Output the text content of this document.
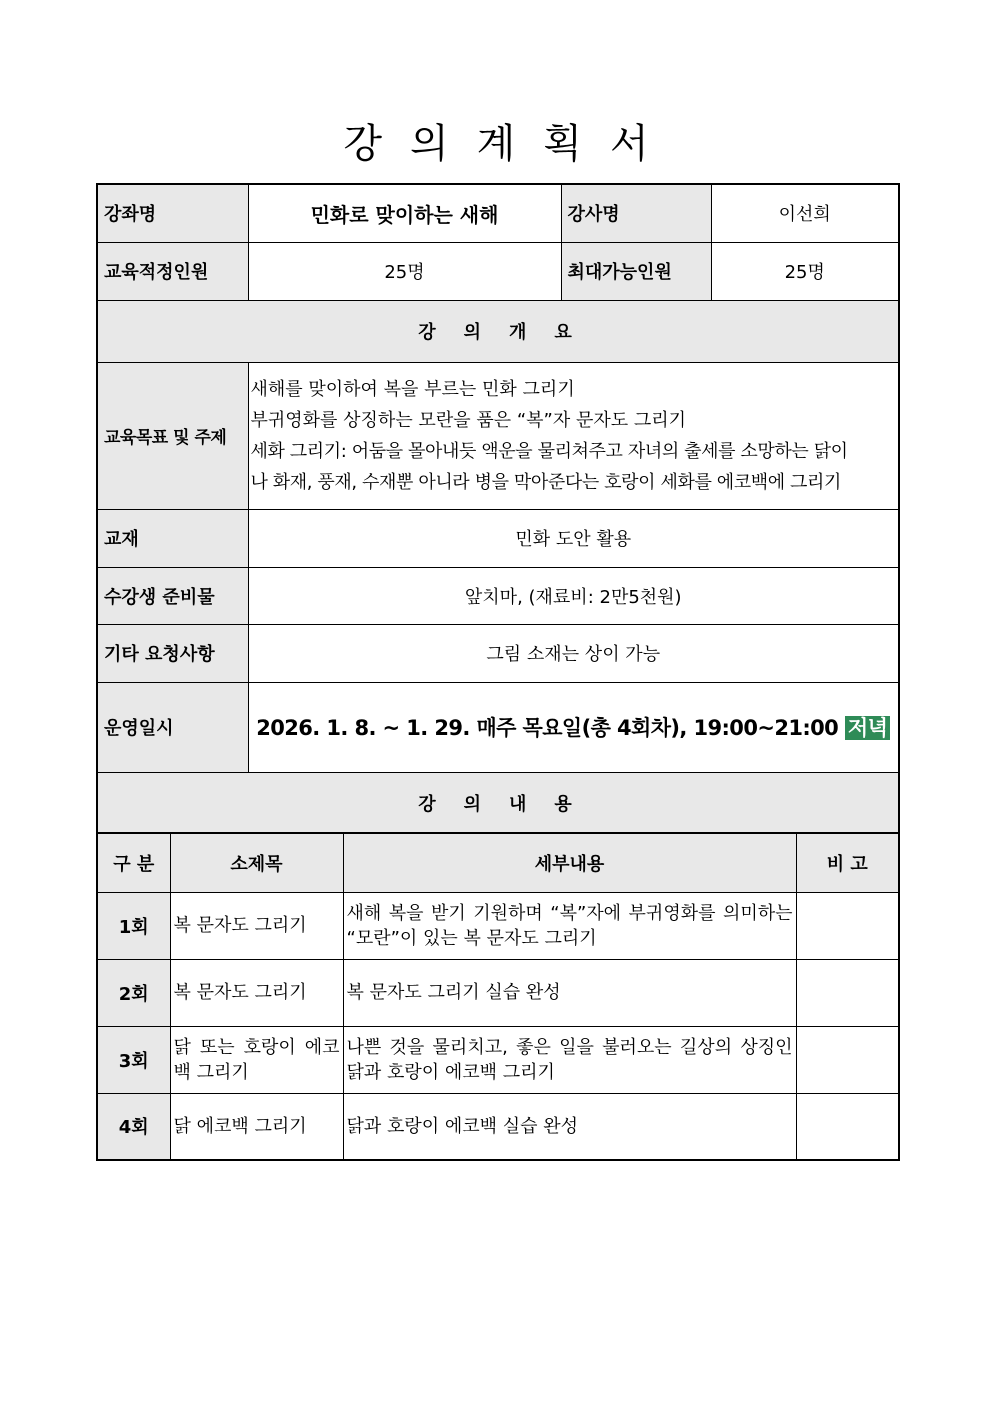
강의계획서
강좌명	민화로 맞이하는 새해	강사명	이선희

교육적정인원	25명	최대가능인원	25명
강의개요			
교육목표 및 주제	새해를 맞이하여 복을 부르는 민화 그리기
부귀영화를 상징하는 모란을 품은 “복”자 문자도 그리기
세화 그리기: 어둠을 몰아내듯 액운을 물리쳐주고 자녀의 출세를 소망하는 닭이
나 화재, 풍재, 수재뿐 아니라 병을 막아준다는 호랑이 세화를 에코백에 그리기		

교재	민화 도안 활용		
수강생 준비물	앞치마, (재료비: 2만5천원)		
기타 요청사항	그림 소재는 상이 가능		

운영일시	2026. 1. 8. ~ 1. 29. 매주 목요일(총 4회차), 19:00~21:00 저녁		
강의내용			
구 분	소제목	세부내용	비 고
1회	복 문자도 그리기	새해 복을 받기 기원하며 “복”자에 부귀영화를 의미하는 “모란”이 있는 복 문자도 그리기	
2회	복 문자도 그리기	복 문자도 그리기 실습 완성	
3회	닭 또는 호랑이 에코백 그리기	나쁜 것을 물리치고, 좋은 일을 불러오는 길상의 상징인 닭과 호랑이 에코백 그리기	
4회	닭 에코백 그리기	닭과 호랑이 에코백 실습 완성	
